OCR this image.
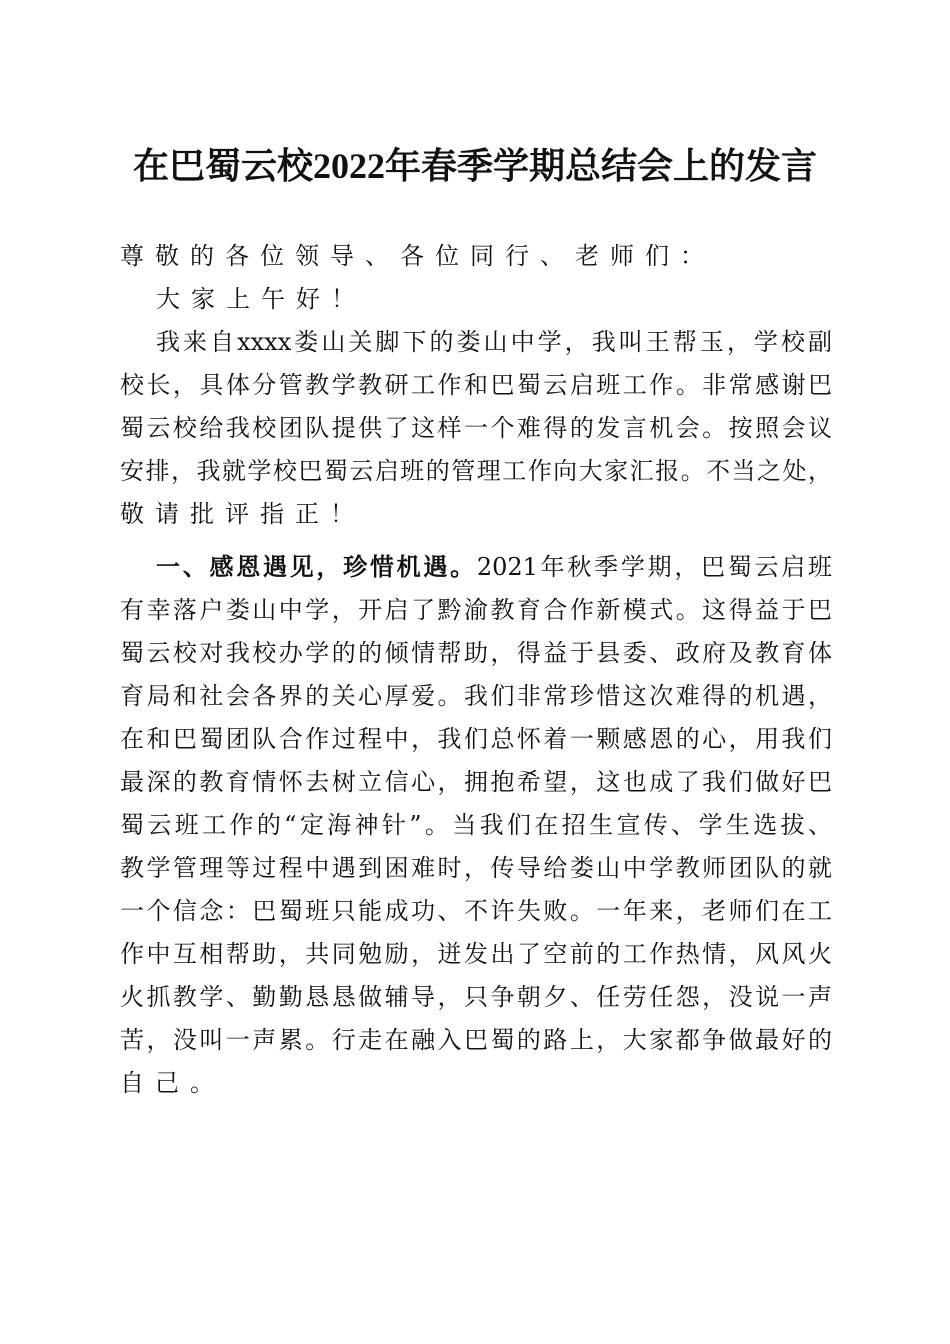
在巴蜀云校2022年春季学期总结会上的发言
尊敬的各位领导、各位同行、老师们：
大家上午好！
我来自xxxx娄山关脚下的娄山中学，我叫王帮玉，学校副
校长，具体分管教学教研工作和巴蜀云启班工作。非常感谢巴
蜀云校给我校团队提供了这样一个难得的发言机会。按照会议
安排，我就学校巴蜀云启班的管理工作向大家汇报。不当之处，
敬请批评指正！
一、感恩遇见，珍惜机遇。2021年秋季学期，巴蜀云启班
有幸落户娄山中学，开启了黔渝教育合作新模式。这得益于巴
蜀云校对我校办学的的倾情帮助，得益于县委、政府及教育体
育局和社会各界的关心厚爱。我们非常珍惜这次难得的机遇，
在和巴蜀团队合作过程中，我们总怀着一颗感恩的心，用我们
最深的教育情怀去树立信心，拥抱希望，这也成了我们做好巴
蜀云班工作的“定海神针”。当我们在招生宣传、学生选拔、
教学管理等过程中遇到困难时，传导给娄山中学教师团队的就
一个信念：巴蜀班只能成功、不许失败。一年来，老师们在工
作中互相帮助，共同勉励，迸发出了空前的工作热情，风风火
火抓教学、勤勤恳恳做辅导，只争朝夕、任劳任怨，没说一声
苦，没叫一声累。行走在融入巴蜀的路上，大家都争做最好的
自己。
